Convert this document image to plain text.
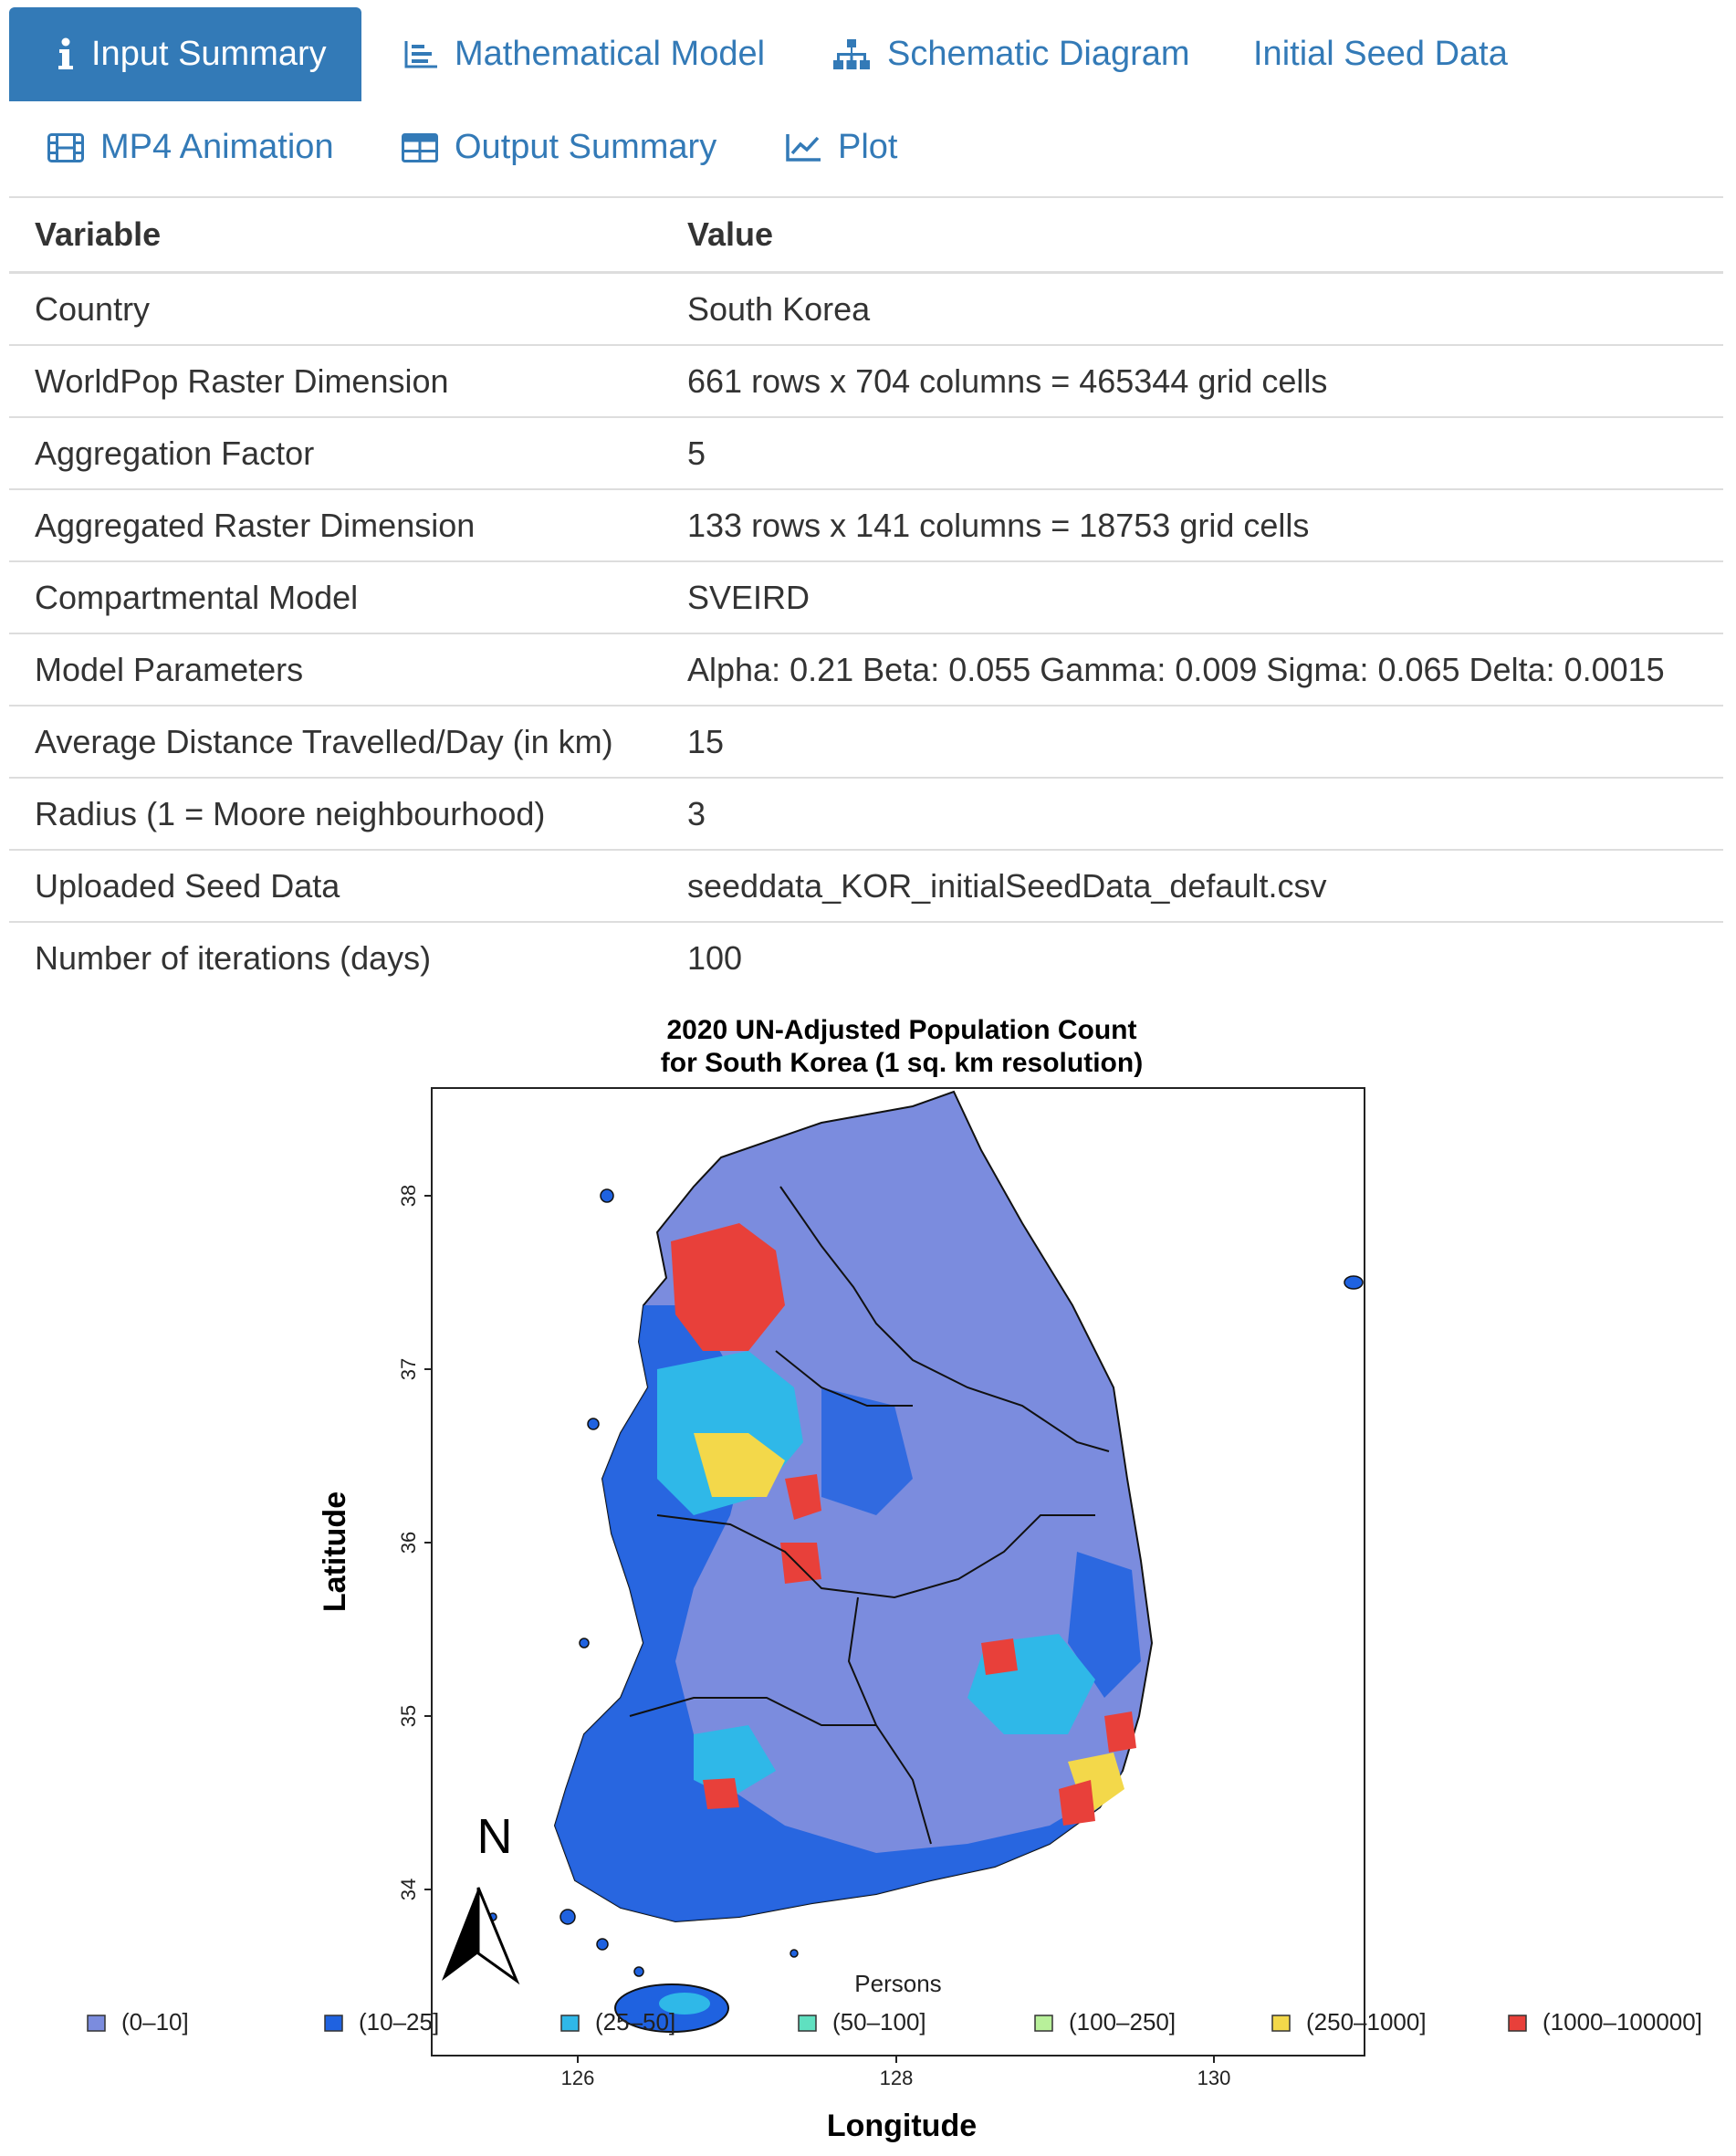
Input Summary	Mathematical Model	Schematic Diagram Initial Seed Data
MP4 Animation	Output Summary	Plot
Variable	Value
Country	South Korea
WorldPop Raster Dimension	661 rows x 704 columns = 465344 grid cells
Aggregation Factor	5
Aggregated Raster Dimension	133 rows x 141 columns = 18753 grid cells
Compartmental Model	SVEIRD
Model Parameters	Alpha: 0.21 Beta: 0.055 Gamma: 0.009 Sigma: 0.065 Delta: 0.0015
Average Distance Travelled/Day (in km)	15
Radius (1 = Moore neighbourhood)	3
Uploaded Seed Data	seeddata_KOR_initialSeedData_default.csv
Number of iterations (days)	100
2020 UN-Adjusted Population Count
for South Korea (1 sq. km resolution)
N
38
37
36
35
34
Latitude
126	128	130
Longitude
Persons
(0–10]	(10–25]	(25–50]	(50–100]	(100–250]	(250–1000]	(1000–100000]
